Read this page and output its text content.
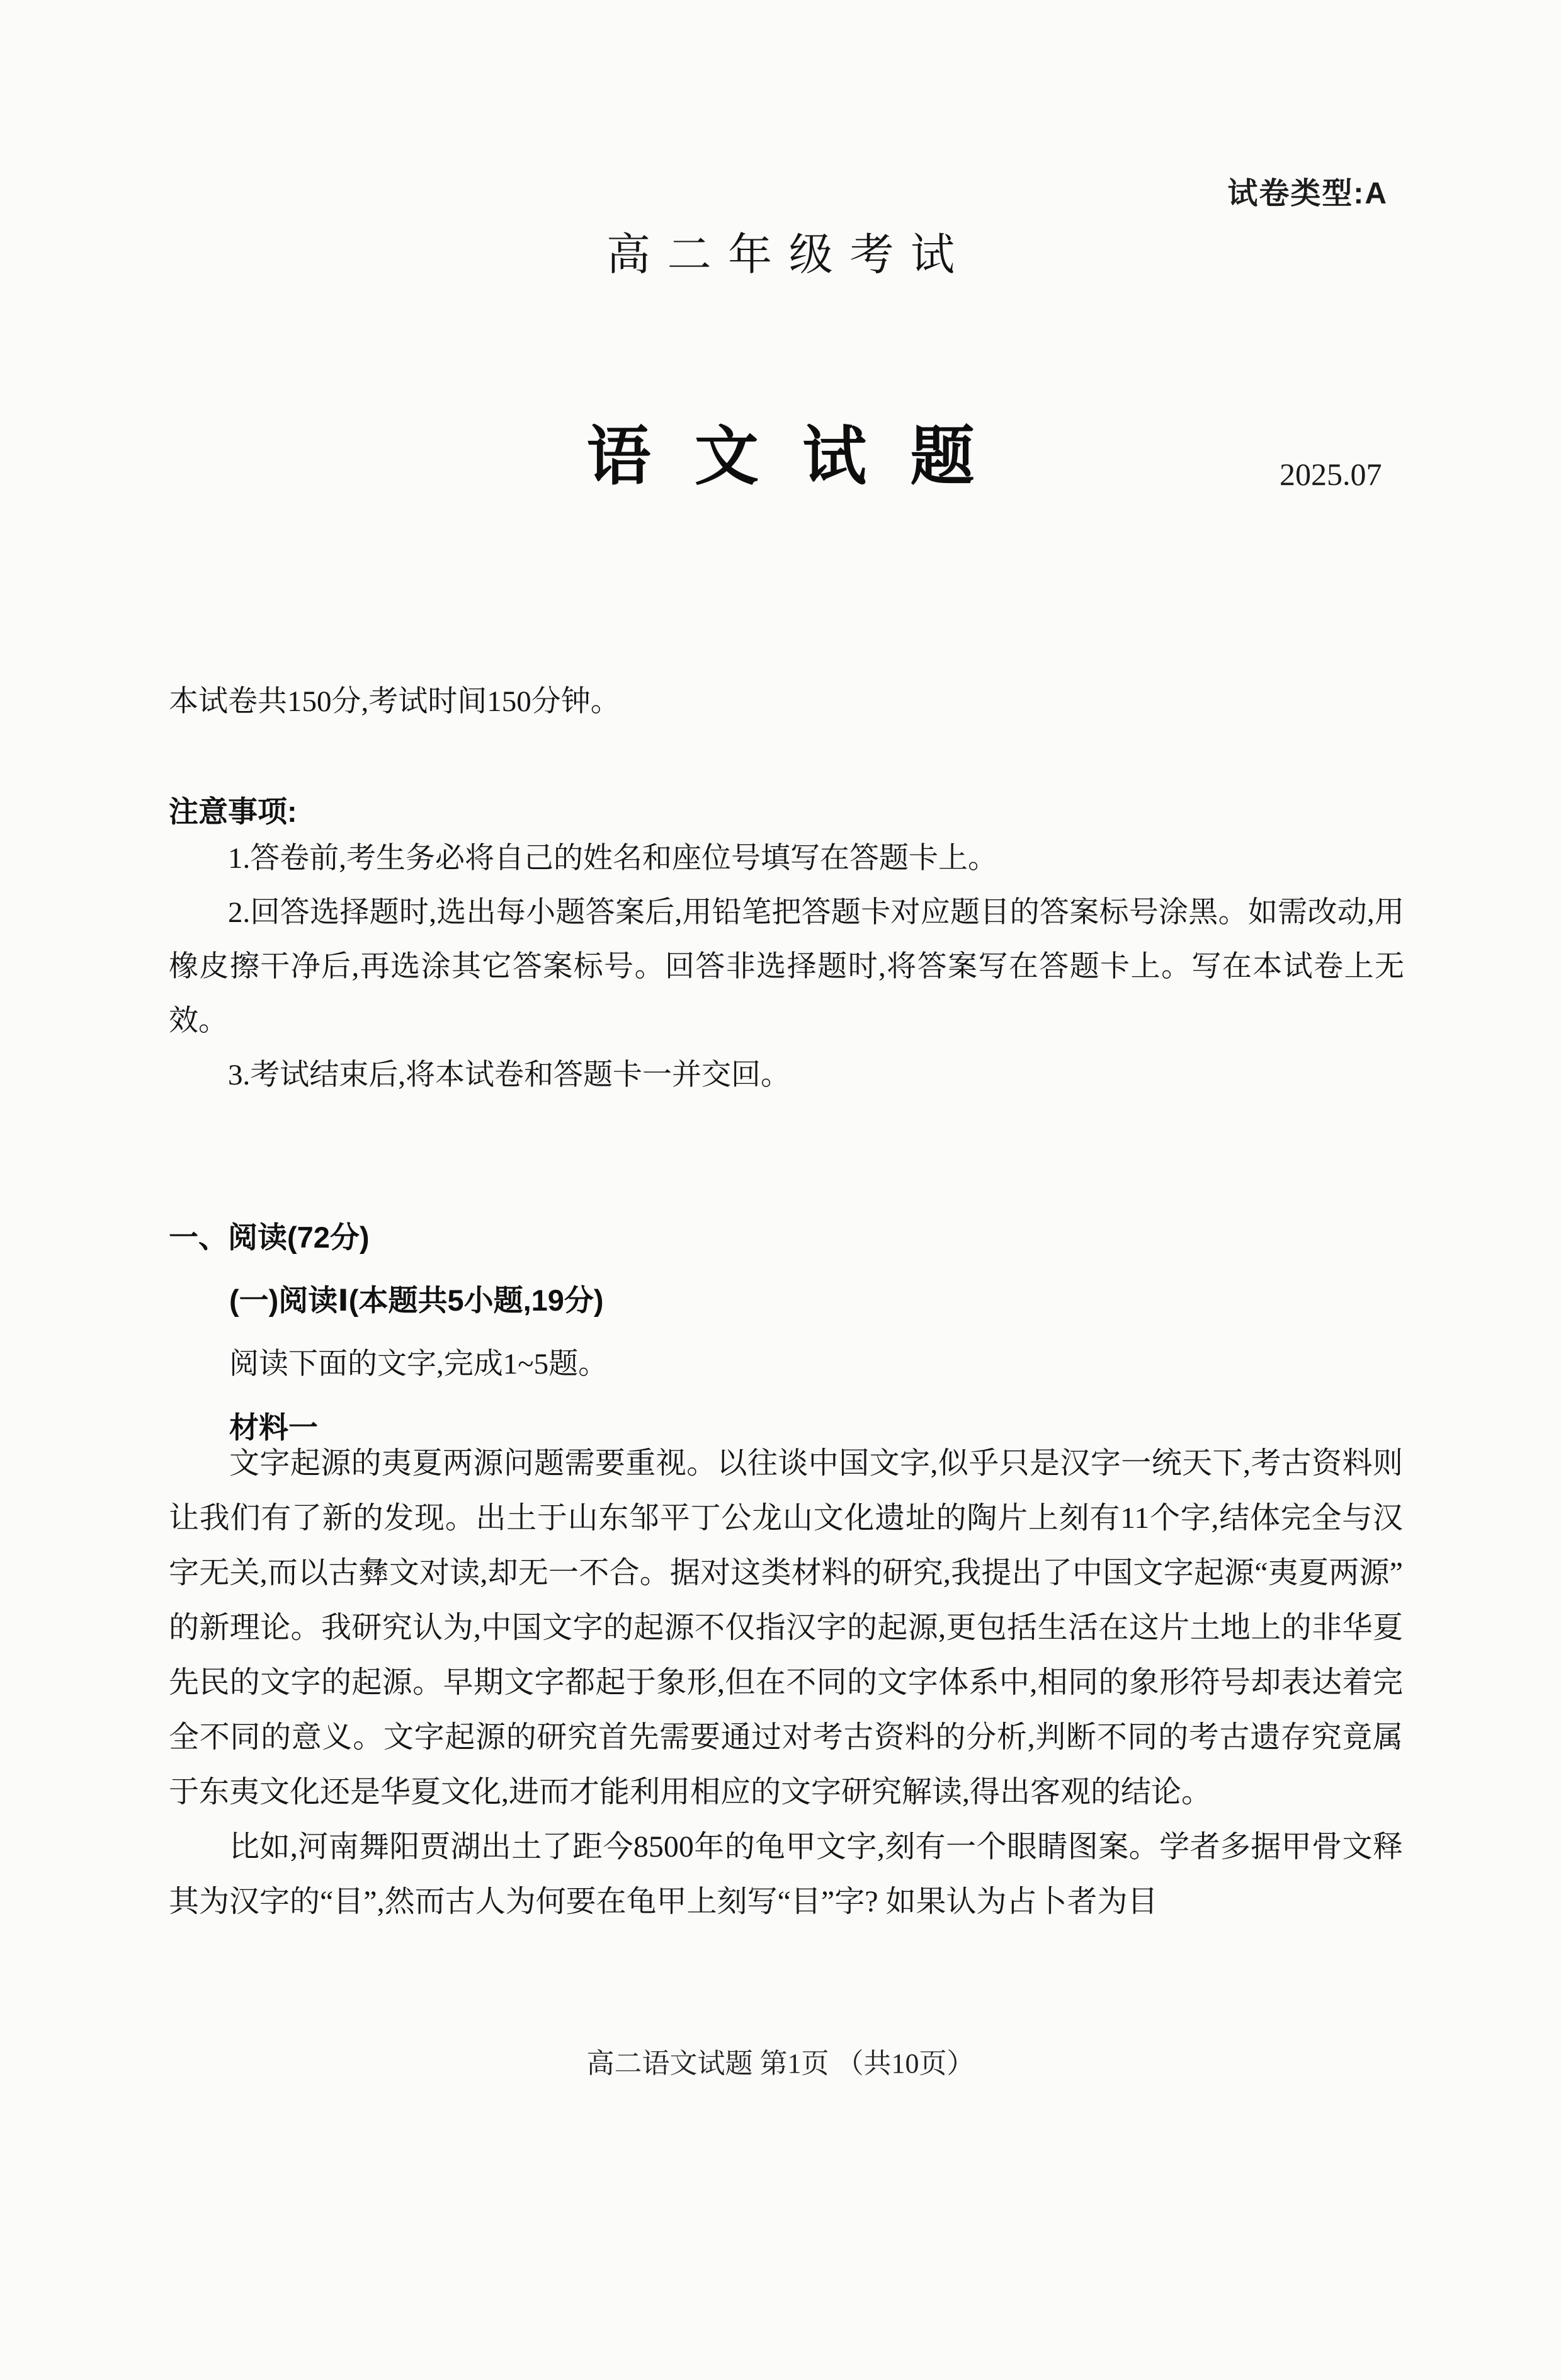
试卷类型:A
高二年级考试
语文试题	2025.07
本试卷共150分,考试时间150分钟。
注意事项:

1.答卷前,考生务必将自己的姓名和座位号填写在答题卡上。

2.回答选择题时,选出每小题答案后,用铅笔把答题卡对应题目的答案标号涂黑。如需改动,用橡皮擦干净后,再选涂其它答案标号。回答非选择题时,将答案写在答题卡上。写在本试卷上无效。

3.考试结束后,将本试卷和答题卡一并交回。

一、阅读(72分)
(一)阅读Ⅰ(本题共5小题,19分)
阅读下面的文字,完成1~5题。
材料一

文字起源的夷夏两源问题需要重视。以往谈中国文字,似乎只是汉字一统天下,考古资料则让我们有了新的发现。出土于山东邹平丁公龙山文化遗址的陶片上刻有11个字,结体完全与汉字无关,而以古彝文对读,却无一不合。据对这类材料的研究,我提出了中国文字起源“夷夏两源”的新理论。我研究认为,中国文字的起源不仅指汉字的起源,更包括生活在这片土地上的非华夏先民的文字的起源。早期文字都起于象形,但在不同的文字体系中,相同的象形符号却表达着完全不同的意义。文字起源的研究首先需要通过对考古资料的分析,判断不同的考古遗存究竟属于东夷文化还是华夏文化,进而才能利用相应的文字研究解读,得出客观的结论。

比如,河南舞阳贾湖出土了距今8500年的龟甲文字,刻有一个眼睛图案。学者多据甲骨文释其为汉字的“目”,然而古人为何要在龟甲上刻写“目”字? 如果认为占卜者为目

高二语文试题 第1页 （共10页）
